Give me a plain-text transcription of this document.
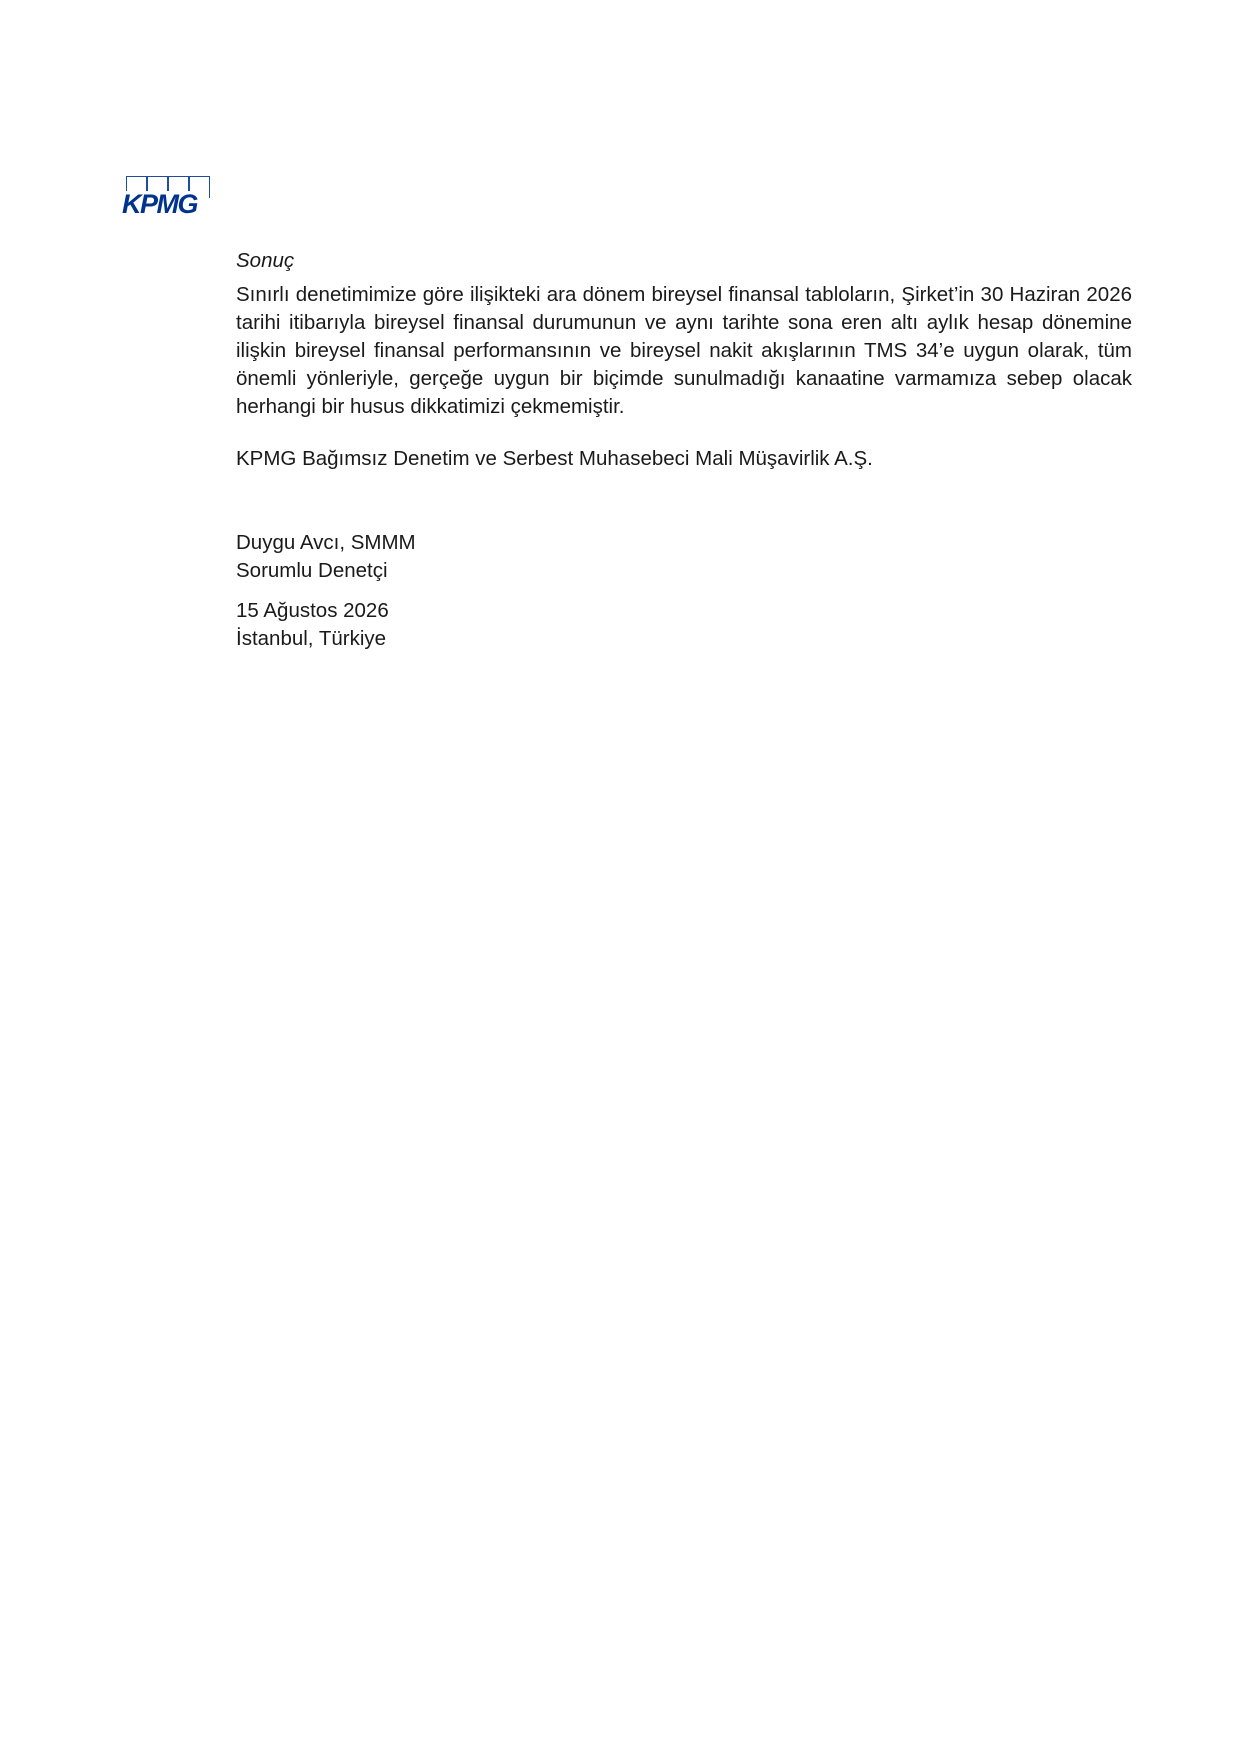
KPMG

Sonuç

Sınırlı denetimimize göre ilişikteki ara dönem bireysel finansal tabloların, Şirket’in 30 Haziran 2026 tarihi itibarıyla bireysel finansal durumunun ve aynı tarihte sona eren altı aylık hesap dönemine ilişkin bireysel finansal performansının ve bireysel nakit akışlarının TMS 34’e uygun olarak, tüm önemli yönleriyle, gerçeğe uygun bir biçimde sunulmadığı kanaatine varmamıza sebep olacak herhangi bir husus dikkatimizi çekmemiştir.

KPMG Bağımsız Denetim ve Serbest Muhasebeci Mali Müşavirlik A.Ş.

Duygu Avcı, SMMM
Sorumlu Denetçi
15 Ağustos 2026
İstanbul, Türkiye
